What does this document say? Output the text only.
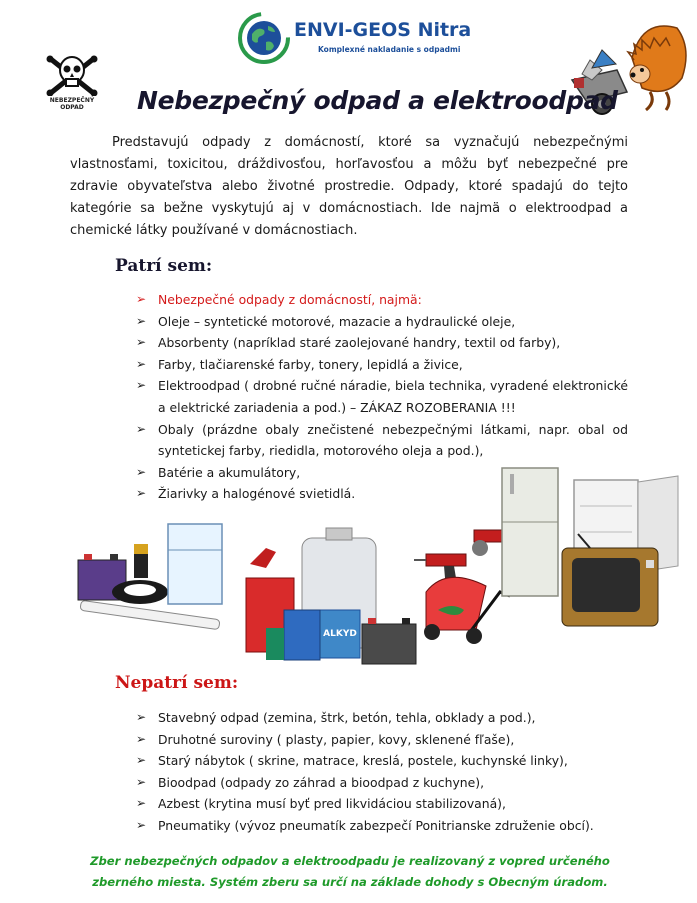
ENVI-GEOS Nitra
Komplexné nakladanie s odpadmi
NEBEZPEČNÝ
ODPAD	Nebezpečný odpad a elektroodpad
Predstavujú odpady z domácností, ktoré sa vyznačujú nebezpečnými vlastnosťami, toxicitou, dráždivosťou, horľavosťou a môžu byť nebezpečné pre zdravie obyvateľstva alebo životné prostredie. Odpady, ktoré spadajú do tejto kategórie sa bežne vyskytujú aj v domácnostiach. Ide najmä o elektroodpad a chemické látky používané v domácnostiach.
Patrí sem:
➢ Nebezpečné odpady z domácností, najmä:
➢ Oleje – syntetické motorové, mazacie a hydraulické oleje,
➢ Absorbenty (napríklad staré zaolejované handry, textil od farby),
➢ Farby, tlačiarenské farby, tonery, lepidlá a živice,
➢ Elektroodpad ( drobné ručné náradie, biela technika, vyradené elektronické a elektrické zariadenia a pod.) – ZÁKAZ ROZOBERANIA !!!
➢ Obaly (prázdne obaly znečistené nebezpečnými látkami, napr. obal od syntetickej farby, riedidla, motorového oleja a pod.),
➢ Batérie a akumulátory,
➢ Žiarivky a halogénové svietidlá.
ALKYD
Nepatrí sem:
➢ Stavebný odpad (zemina, štrk, betón, tehla, obklady a pod.),
➢ Druhotné suroviny ( plasty, papier, kovy, sklenené fľaše),
➢ Starý nábytok ( skrine, matrace, kreslá, postele, kuchynské linky),
➢ Bioodpad (odpady zo záhrad a bioodpad z kuchyne),
➢ Azbest (krytina musí byť pred likvidáciou stabilizovaná),
➢ Pneumatiky (vývoz pneumatík zabezpečí Ponitrianske združenie obcí).
Zber nebezpečných odpadov a elektroodpadu je realizovaný z vopred určeného zberného miesta. Systém zberu sa určí na základe dohody s Obecným úradom.
